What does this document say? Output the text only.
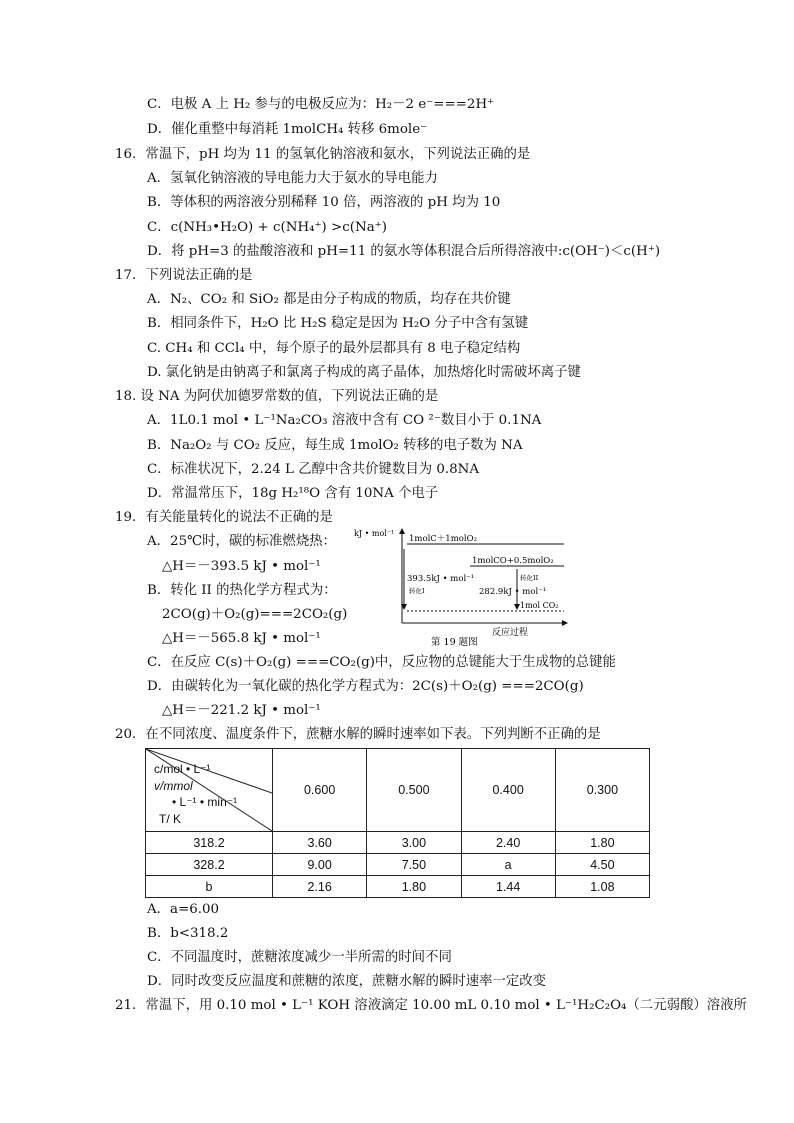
C．电极 A 上 H₂ 参与的电极反应为：H₂－2 e⁻===2H⁺
D．催化重整中每消耗 1molCH₄ 转移 6mole⁻
16．常温下，pH 均为 11 的氢氧化钠溶液和氨水，下列说法正确的是
A．氢氧化钠溶液的导电能力大于氨水的导电能力
B．等体积的两溶液分别稀释 10 倍，两溶液的 pH 均为 10
C．c(NH₃•H₂O) + c(NH₄⁺) >c(Na⁺)
D．将 pH=3 的盐酸溶液和 pH=11 的氨水等体积混合后所得溶液中:c(OH⁻)＜c(H⁺)
17．下列说法正确的是
A．N₂、CO₂ 和 SiO₂ 都是由分子构成的物质，均存在共价键
B．相同条件下，H₂O 比 H₂S 稳定是因为 H₂O 分子中含有氢键
C. CH₄ 和 CCl₄ 中，每个原子的最外层都具有 8 电子稳定结构
D. 氯化钠是由钠离子和氯离子构成的离子晶体，加热熔化时需破坏离子键
18. 设 NA 为阿伏加德罗常数的值，下列说法正确的是
A．1L0.1 mol • L⁻¹Na₂CO₃ 溶液中含有 CO ²⁻数目小于 0.1NA
B．Na₂O₂ 与 CO₂ 反应，每生成 1molO₂ 转移的电子数为 NA
C．标准状况下，2.24 L 乙醇中含共价键数目为 0.8NA
D．常温常压下，18g H₂¹⁸O 含有 10NA 个电子
19．有关能量转化的说法不正确的是
A．25℃时，碳的标准燃烧热：
△H＝－393.5 kJ • mol⁻¹
B．转化 II 的热化学方程式为：
2CO(g)＋O₂(g)===2CO₂(g)
△H＝－565.8 kJ • mol⁻¹
kJ • mol⁻¹
1molC＋1molO₂
1molCO+0.5molO₂
1mol CO₂
393.5kJ • mol⁻¹
转化I
转化II
282.9kJ • mol⁻¹
反应过程
第 19 题图
C．在反应 C(s)＋O₂(g) ===CO₂(g)中，反应物的总键能大于生成物的总键能
D．由碳转化为一氧化碳的热化学方程式为：2C(s)＋O₂(g) ===2CO(g)
△H＝－221.2 kJ • mol⁻¹
20．在不同浓度、温度条件下，蔗糖水解的瞬时速率如下表。下列判断不正确的是
c/mol • L⁻¹
v/mmol
• L⁻¹ • min⁻¹
T/ K	0.600	0.500	0.400	0.300
318.2	3.60	3.00	2.40	1.80
328.2	9.00	7.50	a	4.50
b	2.16	1.80	1.44	1.08
A．a=6.00
B．b<318.2
C．不同温度时，蔗糖浓度减少一半所需的时间不同
D．同时改变反应温度和蔗糖的浓度，蔗糖水解的瞬时速率一定改变
21．常温下，用 0.10 mol • L⁻¹ KOH 溶液滴定 10.00 mL 0.10 mol • L⁻¹H₂C₂O₄（二元弱酸）溶液所
